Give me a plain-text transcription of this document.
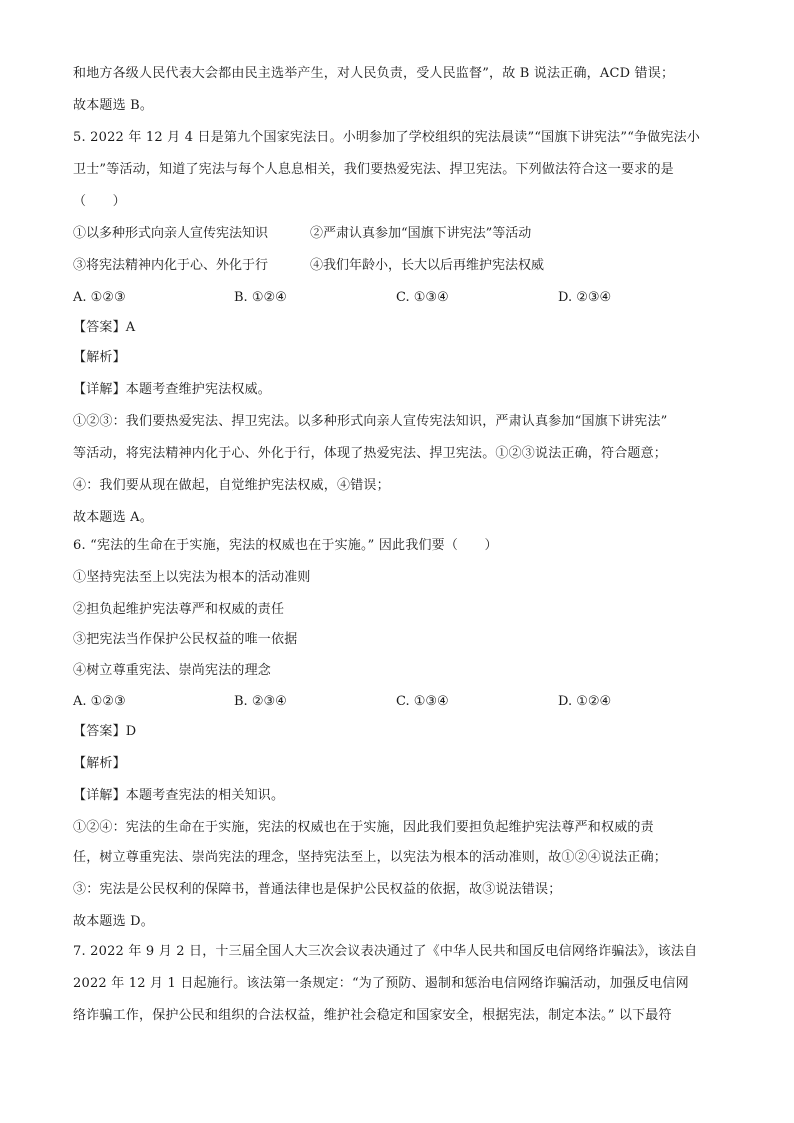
和地方各级人民代表大会都由民主选举产生，对人民负责，受人民监督”，故 B 说法正确，ACD 错误；
故本题选 B。
5. 2022 年 12 月 4 日是第九个国家宪法日。小明参加了学校组织的宪法晨读”“国旗下讲宪法”“争做宪法小
卫士”等活动，知道了宪法与每个人息息相关，我们要热爱宪法、捍卫宪法。下列做法符合这一要求的是
（　　）
①以多种形式向亲人宣传宪法知识	②严肃认真参加“国旗下讲宪法”等活动
③将宪法精神内化于心、外化于行	④我们年龄小，长大以后再维护宪法权威
A. ①②③	B. ①②④	C. ①③④	D. ②③④
【答案】A
【解析】
【详解】本题考查维护宪法权威。
①②③：我们要热爱宪法、捍卫宪法。以多种形式向亲人宣传宪法知识，严肃认真参加“国旗下讲宪法”
等活动，将宪法精神内化于心、外化于行，体现了热爱宪法、捍卫宪法。①②③说法正确，符合题意；
④：我们要从现在做起，自觉维护宪法权威，④错误；
故本题选 A。
6. “宪法的生命在于实施，宪法的权威也在于实施。” 因此我们要（　　）
①坚持宪法至上以宪法为根本的活动准则
②担负起维护宪法尊严和权威的责任
③把宪法当作保护公民权益的唯一依据
④树立尊重宪法、崇尚宪法的理念
A. ①②③	B. ②③④	C. ①③④	D. ①②④
【答案】D
【解析】
【详解】本题考查宪法的相关知识。
①②④：宪法的生命在于实施，宪法的权威也在于实施，因此我们要担负起维护宪法尊严和权威的责
任，树立尊重宪法、崇尚宪法的理念，坚持宪法至上，以宪法为根本的活动准则，故①②④说法正确；
③：宪法是公民权利的保障书，普通法律也是保护公民权益的依据，故③说法错误；
故本题选 D。
7. 2022 年 9 月 2 日，十三届全国人大三次会议表决通过了《中华人民共和国反电信网络诈骗法》，该法自
2022 年 12 月 1 日起施行。该法第一条规定：“为了预防、遏制和惩治电信网络诈骗活动，加强反电信网
络诈骗工作，保护公民和组织的合法权益，维护社会稳定和国家安全，根据宪法，制定本法。” 以下最符
